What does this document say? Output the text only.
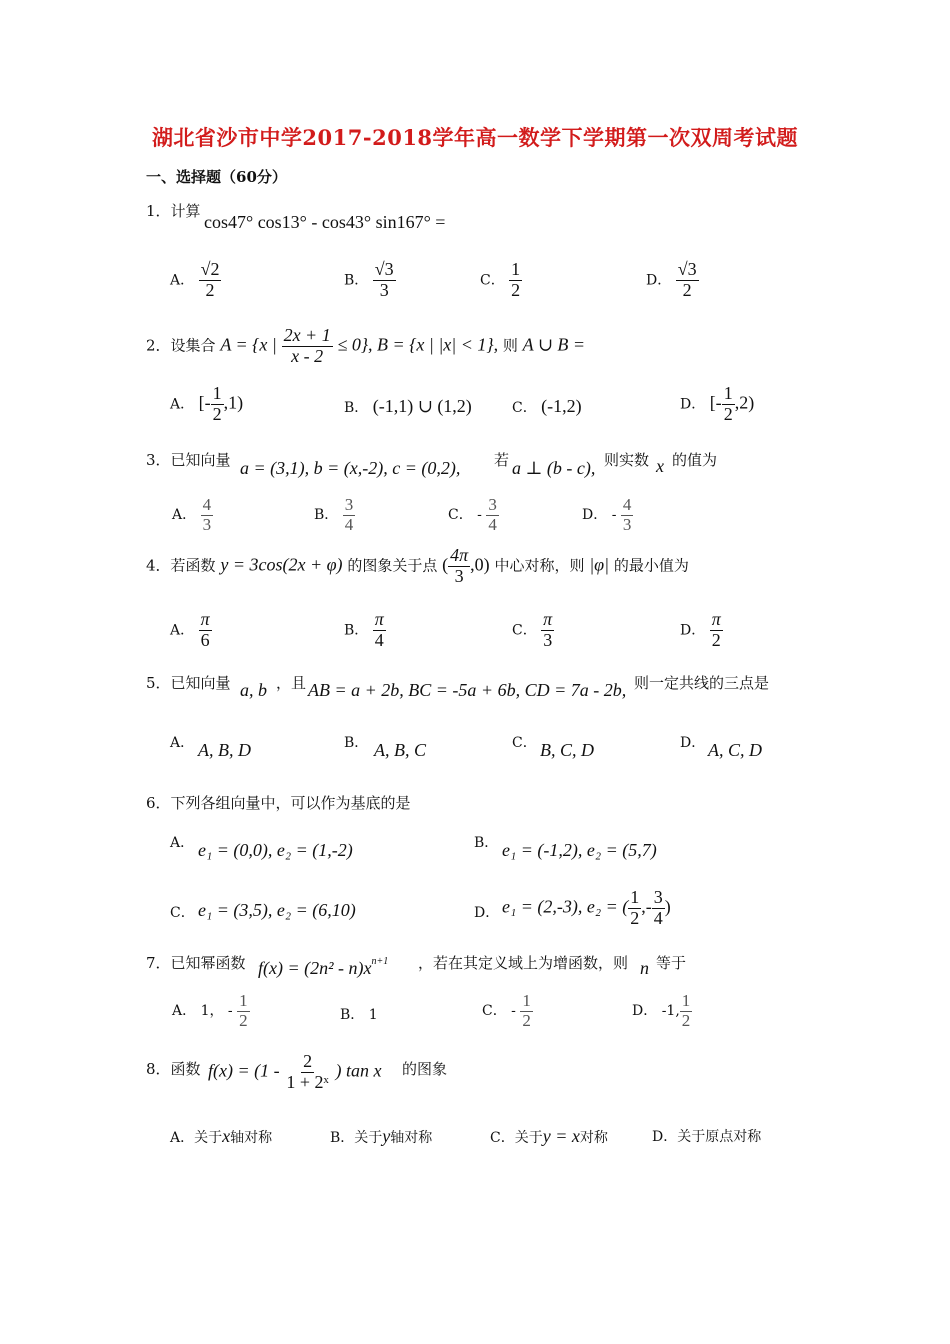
湖北省沙市中学2017-2018学年高一数学下学期第一次双周考试题
一、选择题（60分）
1．计算
cos47° cos13° - cos43° sin167° =
A． $\frac{√2}{2}$	B． $\frac{√3}{3}$	C． $\frac{1}{2}$	D． $\frac{√3}{2}$
2．设集合 A = {x | $\frac{2x + 1}{x - 2} \le 0$}, B = {x | |x| < 1}, 则 A ∪ B =
A． [- $\frac{1}{2} ,1$)	B． (-1,1) ∪ (1,2)	C． (-1,2)	D． [- $\frac{1}{2} ,2$)
3．已知向量 a = (3,1), b = (x,-2), c = (0,2), 若 a ⊥ (b - c), 则实数 x 的值为
A． $\frac{4}{3}$	B． $\frac{3}{4}$	C． - $\frac{3}{4}$	D． - $\frac{4}{3}$
4．若函数 y = 3cos(2x + φ) 的图象关于点 ( $\frac{4\pi}{3} ,0$) 中心对称，则 |φ| 的最小值为
A． $\frac{\pi}{6}$	B． $\frac{\pi}{4}$	C． $\frac{\pi}{3}$	D． $\frac{\pi}{2}$
5．已知向量 a, b ，且 AB = a + 2b, BC = -5a + 6b, CD = 7a - 2b, 则一定共线的三点是
A． A, B, D	B． A, B, C	C． B, C, D	D． A, C, D
6．下列各组向量中，可以作为基底的是
A． e₁ = (0,0), e₂ = (1,-2)	B． e₁ = (-1,2), e₂ = (5,7)
C． e₁ = (3,5), e₂ = (6,10)	D． e₁ = (2,-3), e₂ = ( $\frac{1}{2}$ ,- $\frac{3}{4}$ )
7．已知幂函数 $f(x) = (2n^2 - n)x^{n+1}$ ，若在其定义域上为增函数，则 n 等于
A． 1， - $\frac{1}{2}$	B． 1	C． - $\frac{1}{2}$	D． -1, $\frac{1}{2}$
8．函数 $f(x) = (1 - \frac{2}{\text{1 + 2ˣ}}$ ) tan x 的图象
A．关于x轴对称	B．关于y轴对称	C．关于y = x对称	D．关于原点对称
